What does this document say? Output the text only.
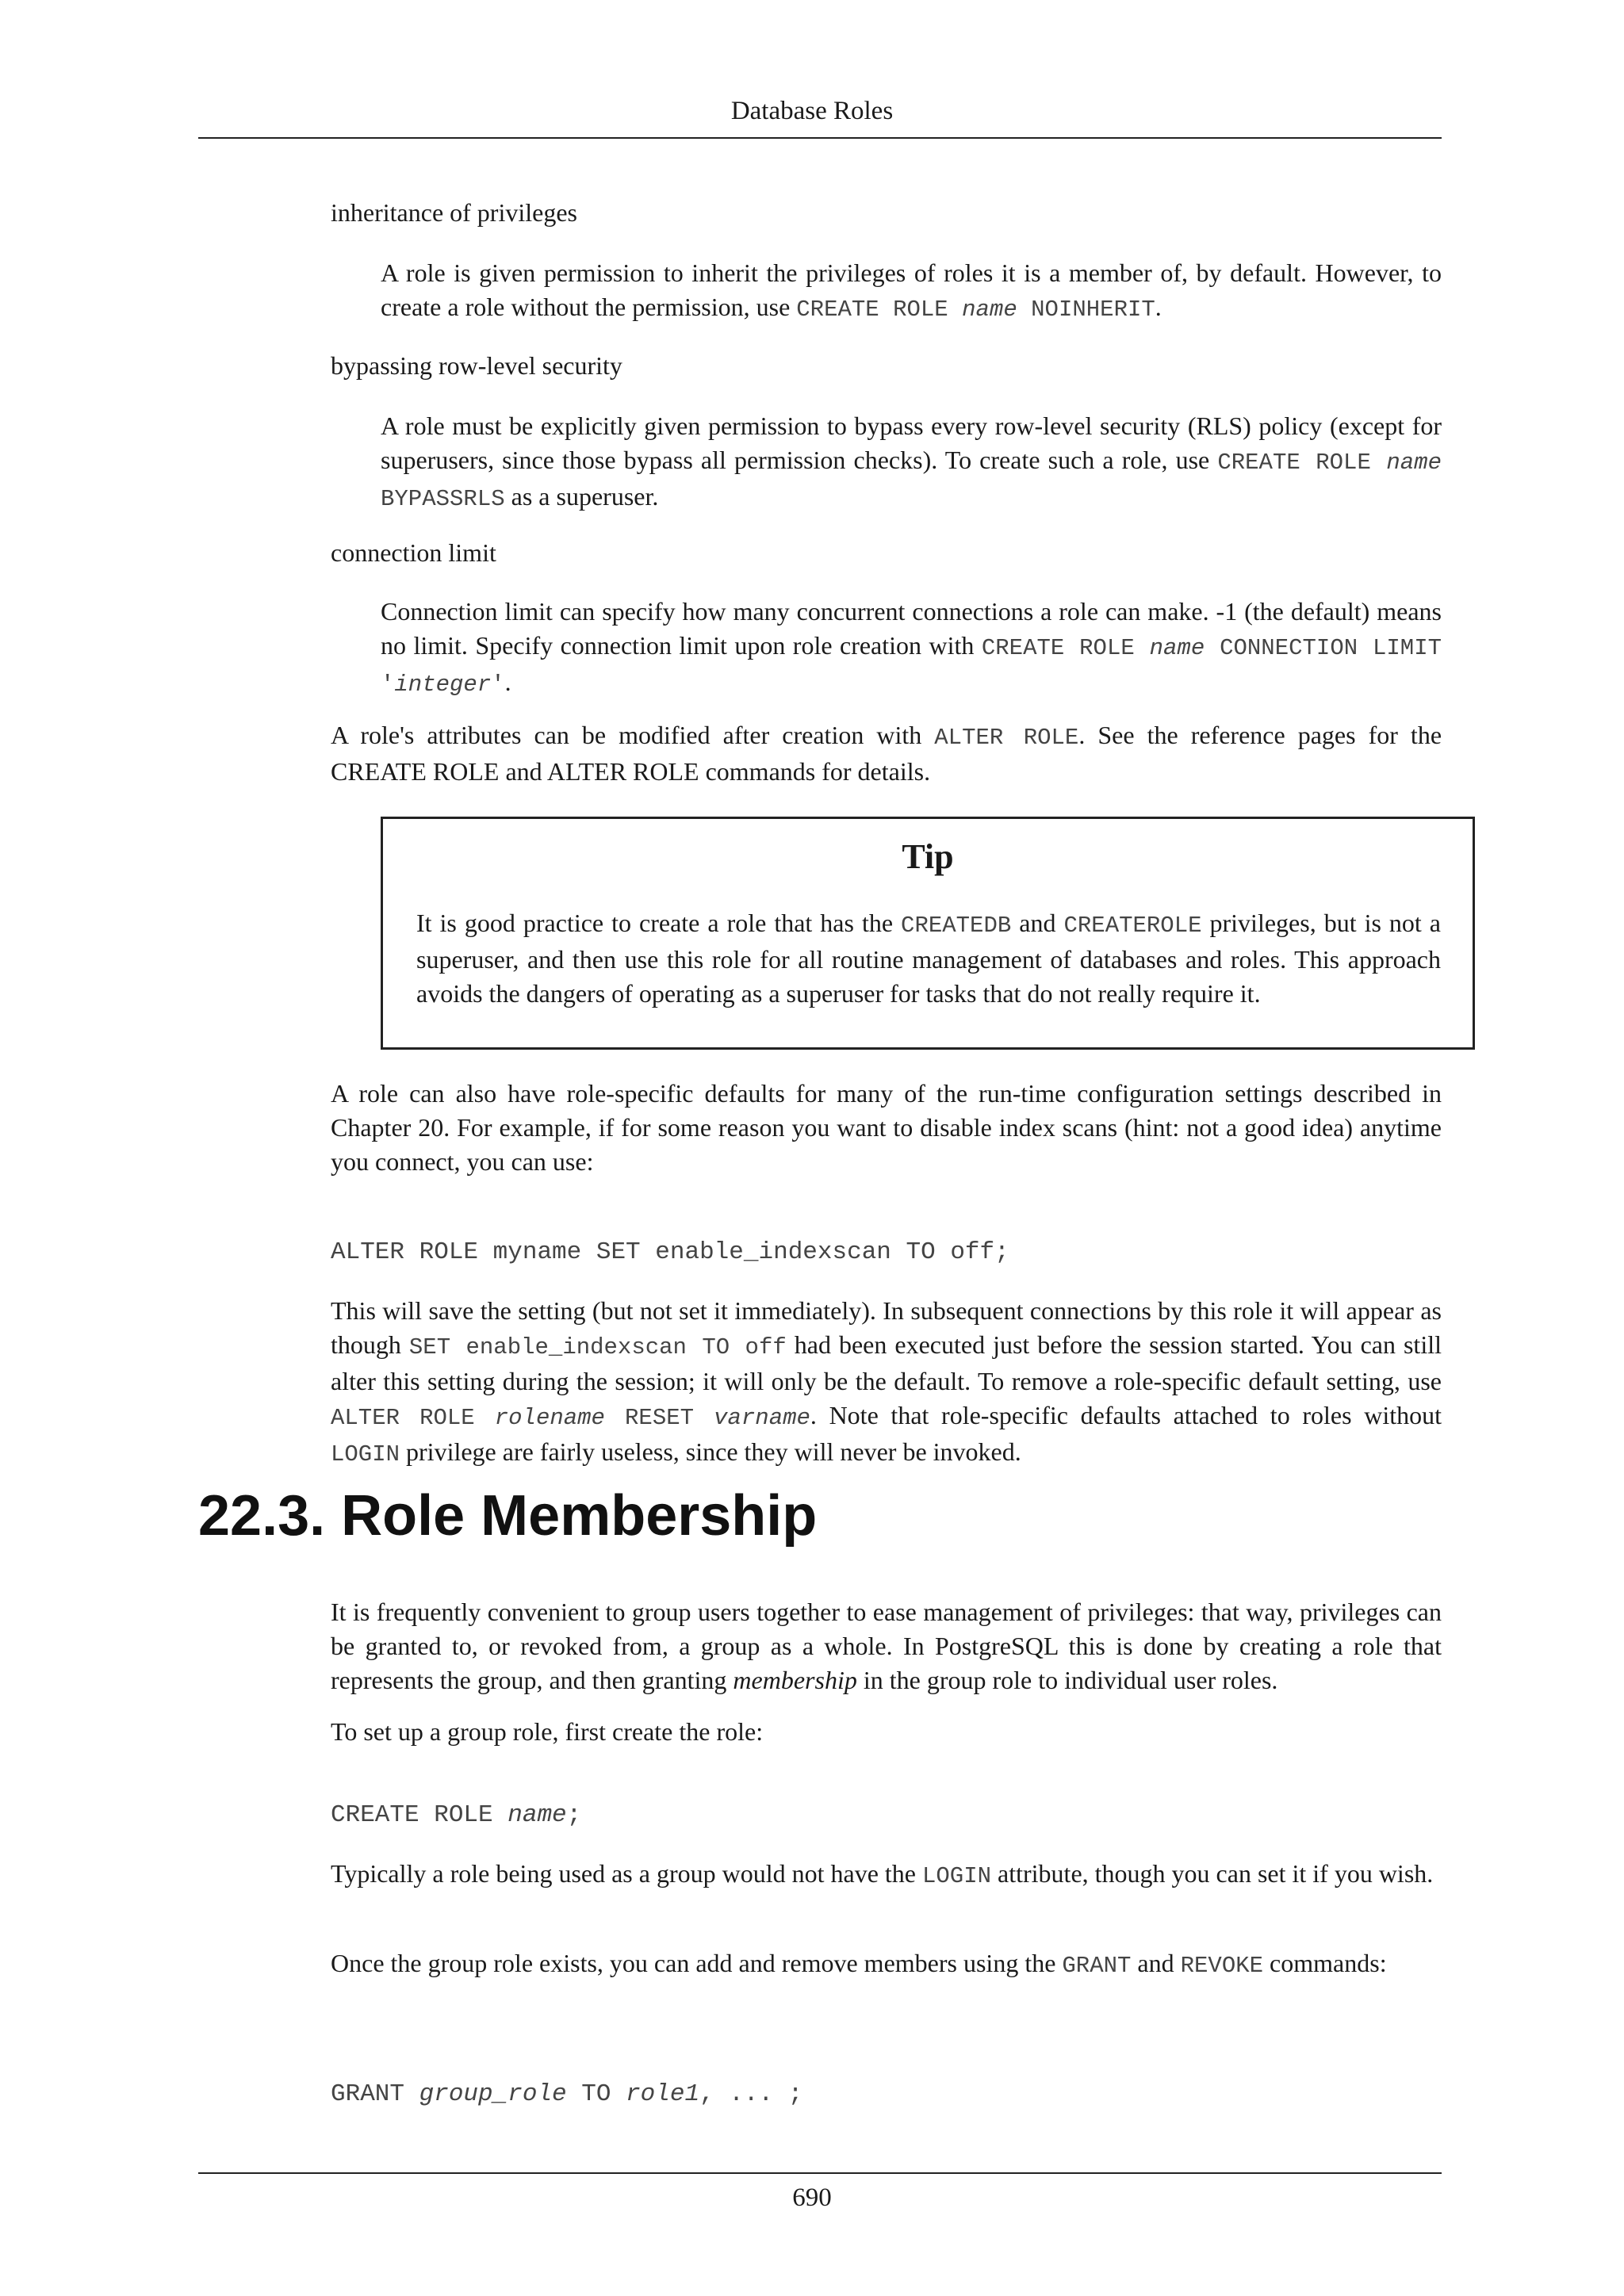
Database Roles
inheritance of privileges
A role is given permission to inherit the privileges of roles it is a member of, by default. However, to create a role without the permission, use CREATE ROLE name NOINHERIT.
bypassing row-level security
A role must be explicitly given permission to bypass every row-level security (RLS) policy (except for superusers, since those bypass all permission checks). To create such a role, use CREATE ROLE name BYPASSRLS as a superuser.
connection limit
Connection limit can specify how many concurrent connections a role can make. -1 (the default) means no limit. Specify connection limit upon role creation with CREATE ROLE name CONNECTION LIMIT 'integer'.
A role's attributes can be modified after creation with ALTER ROLE. See the reference pages for the CREATE ROLE and ALTER ROLE commands for details.
Tip
It is good practice to create a role that has the CREATEDB and CREATEROLE privileges, but is not a superuser, and then use this role for all routine management of databases and roles. This approach avoids the dangers of operating as a superuser for tasks that do not really require it.
A role can also have role-specific defaults for many of the run-time configuration settings described in Chapter 20. For example, if for some reason you want to disable index scans (hint: not a good idea) anytime you connect, you can use:
ALTER ROLE myname SET enable_indexscan TO off;
This will save the setting (but not set it immediately). In subsequent connections by this role it will appear as though SET enable_indexscan TO off had been executed just before the session started. You can still alter this setting during the session; it will only be the default. To remove a role-specific default setting, use ALTER ROLE rolename RESET varname. Note that role-specific defaults attached to roles without LOGIN privilege are fairly useless, since they will never be invoked.
22.3. Role Membership
It is frequently convenient to group users together to ease management of privileges: that way, privileges can be granted to, or revoked from, a group as a whole. In PostgreSQL this is done by creating a role that represents the group, and then granting membership in the group role to individual user roles.
To set up a group role, first create the role:
CREATE ROLE name;
Typically a role being used as a group would not have the LOGIN attribute, though you can set it if you wish.
Once the group role exists, you can add and remove members using the GRANT and REVOKE commands:
GRANT group_role TO role1, ... ;
690
